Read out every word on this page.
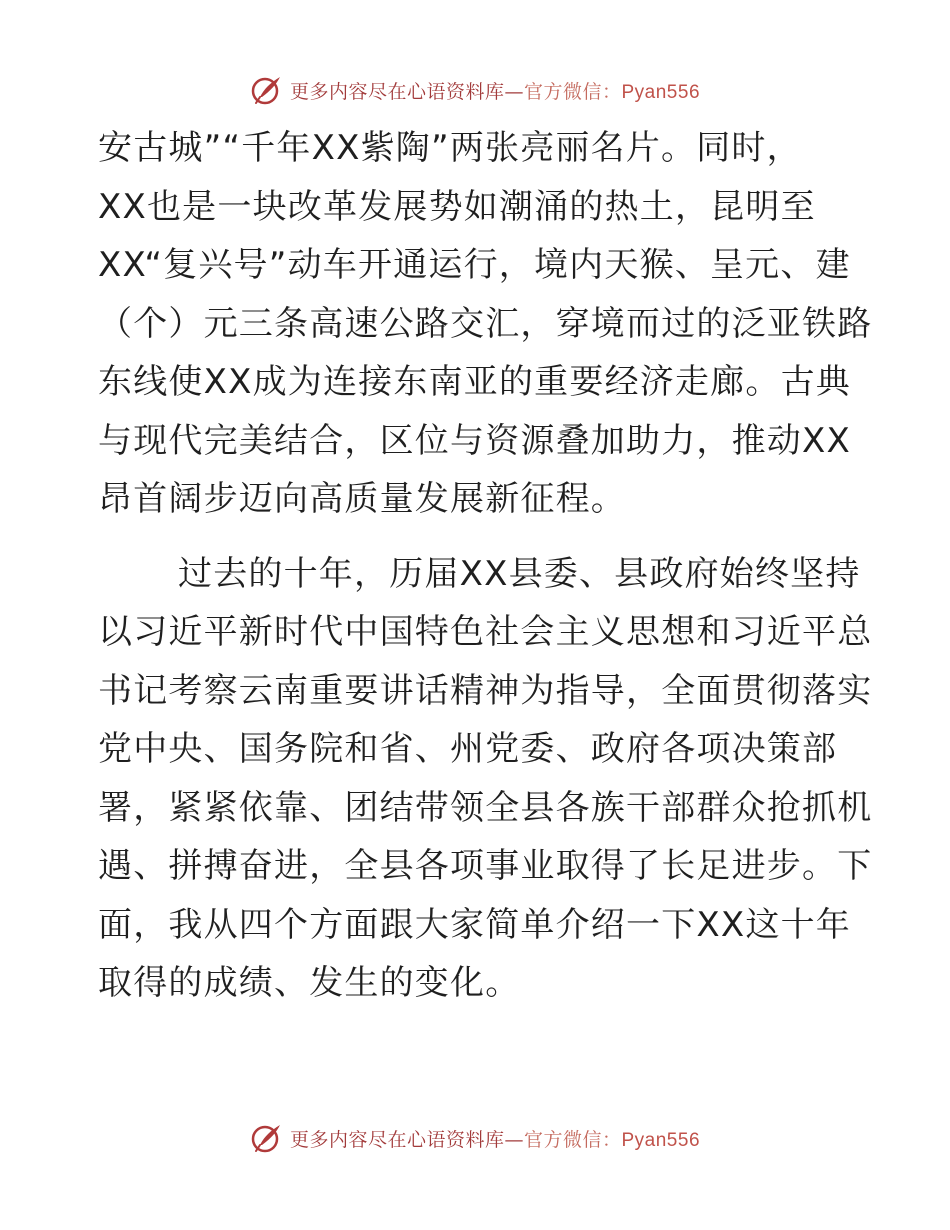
更多内容尽在心语资料库—官方微信：Pyan556
安古城”“千年XX紫陶”两张亮丽名片。同时，
XX也是一块改革发展势如潮涌的热土，昆明至
XX“复兴号”动车开通运行，境内天猴、呈元、建
（个）元三条高速公路交汇，穿境而过的泛亚铁路
东线使XX成为连接东南亚的重要经济走廊。古典
与现代完美结合，区位与资源叠加助力，推动XX
昂首阔步迈向高质量发展新征程。
过去的十年，历届XX县委、县政府始终坚持
以习近平新时代中国特色社会主义思想和习近平总
书记考察云南重要讲话精神为指导，全面贯彻落实
党中央、国务院和省、州党委、政府各项决策部
署，紧紧依靠、团结带领全县各族干部群众抢抓机
遇、拼搏奋进，全县各项事业取得了长足进步。下
面，我从四个方面跟大家简单介绍一下XX这十年
取得的成绩、发生的变化。
更多内容尽在心语资料库—官方微信：Pyan556
